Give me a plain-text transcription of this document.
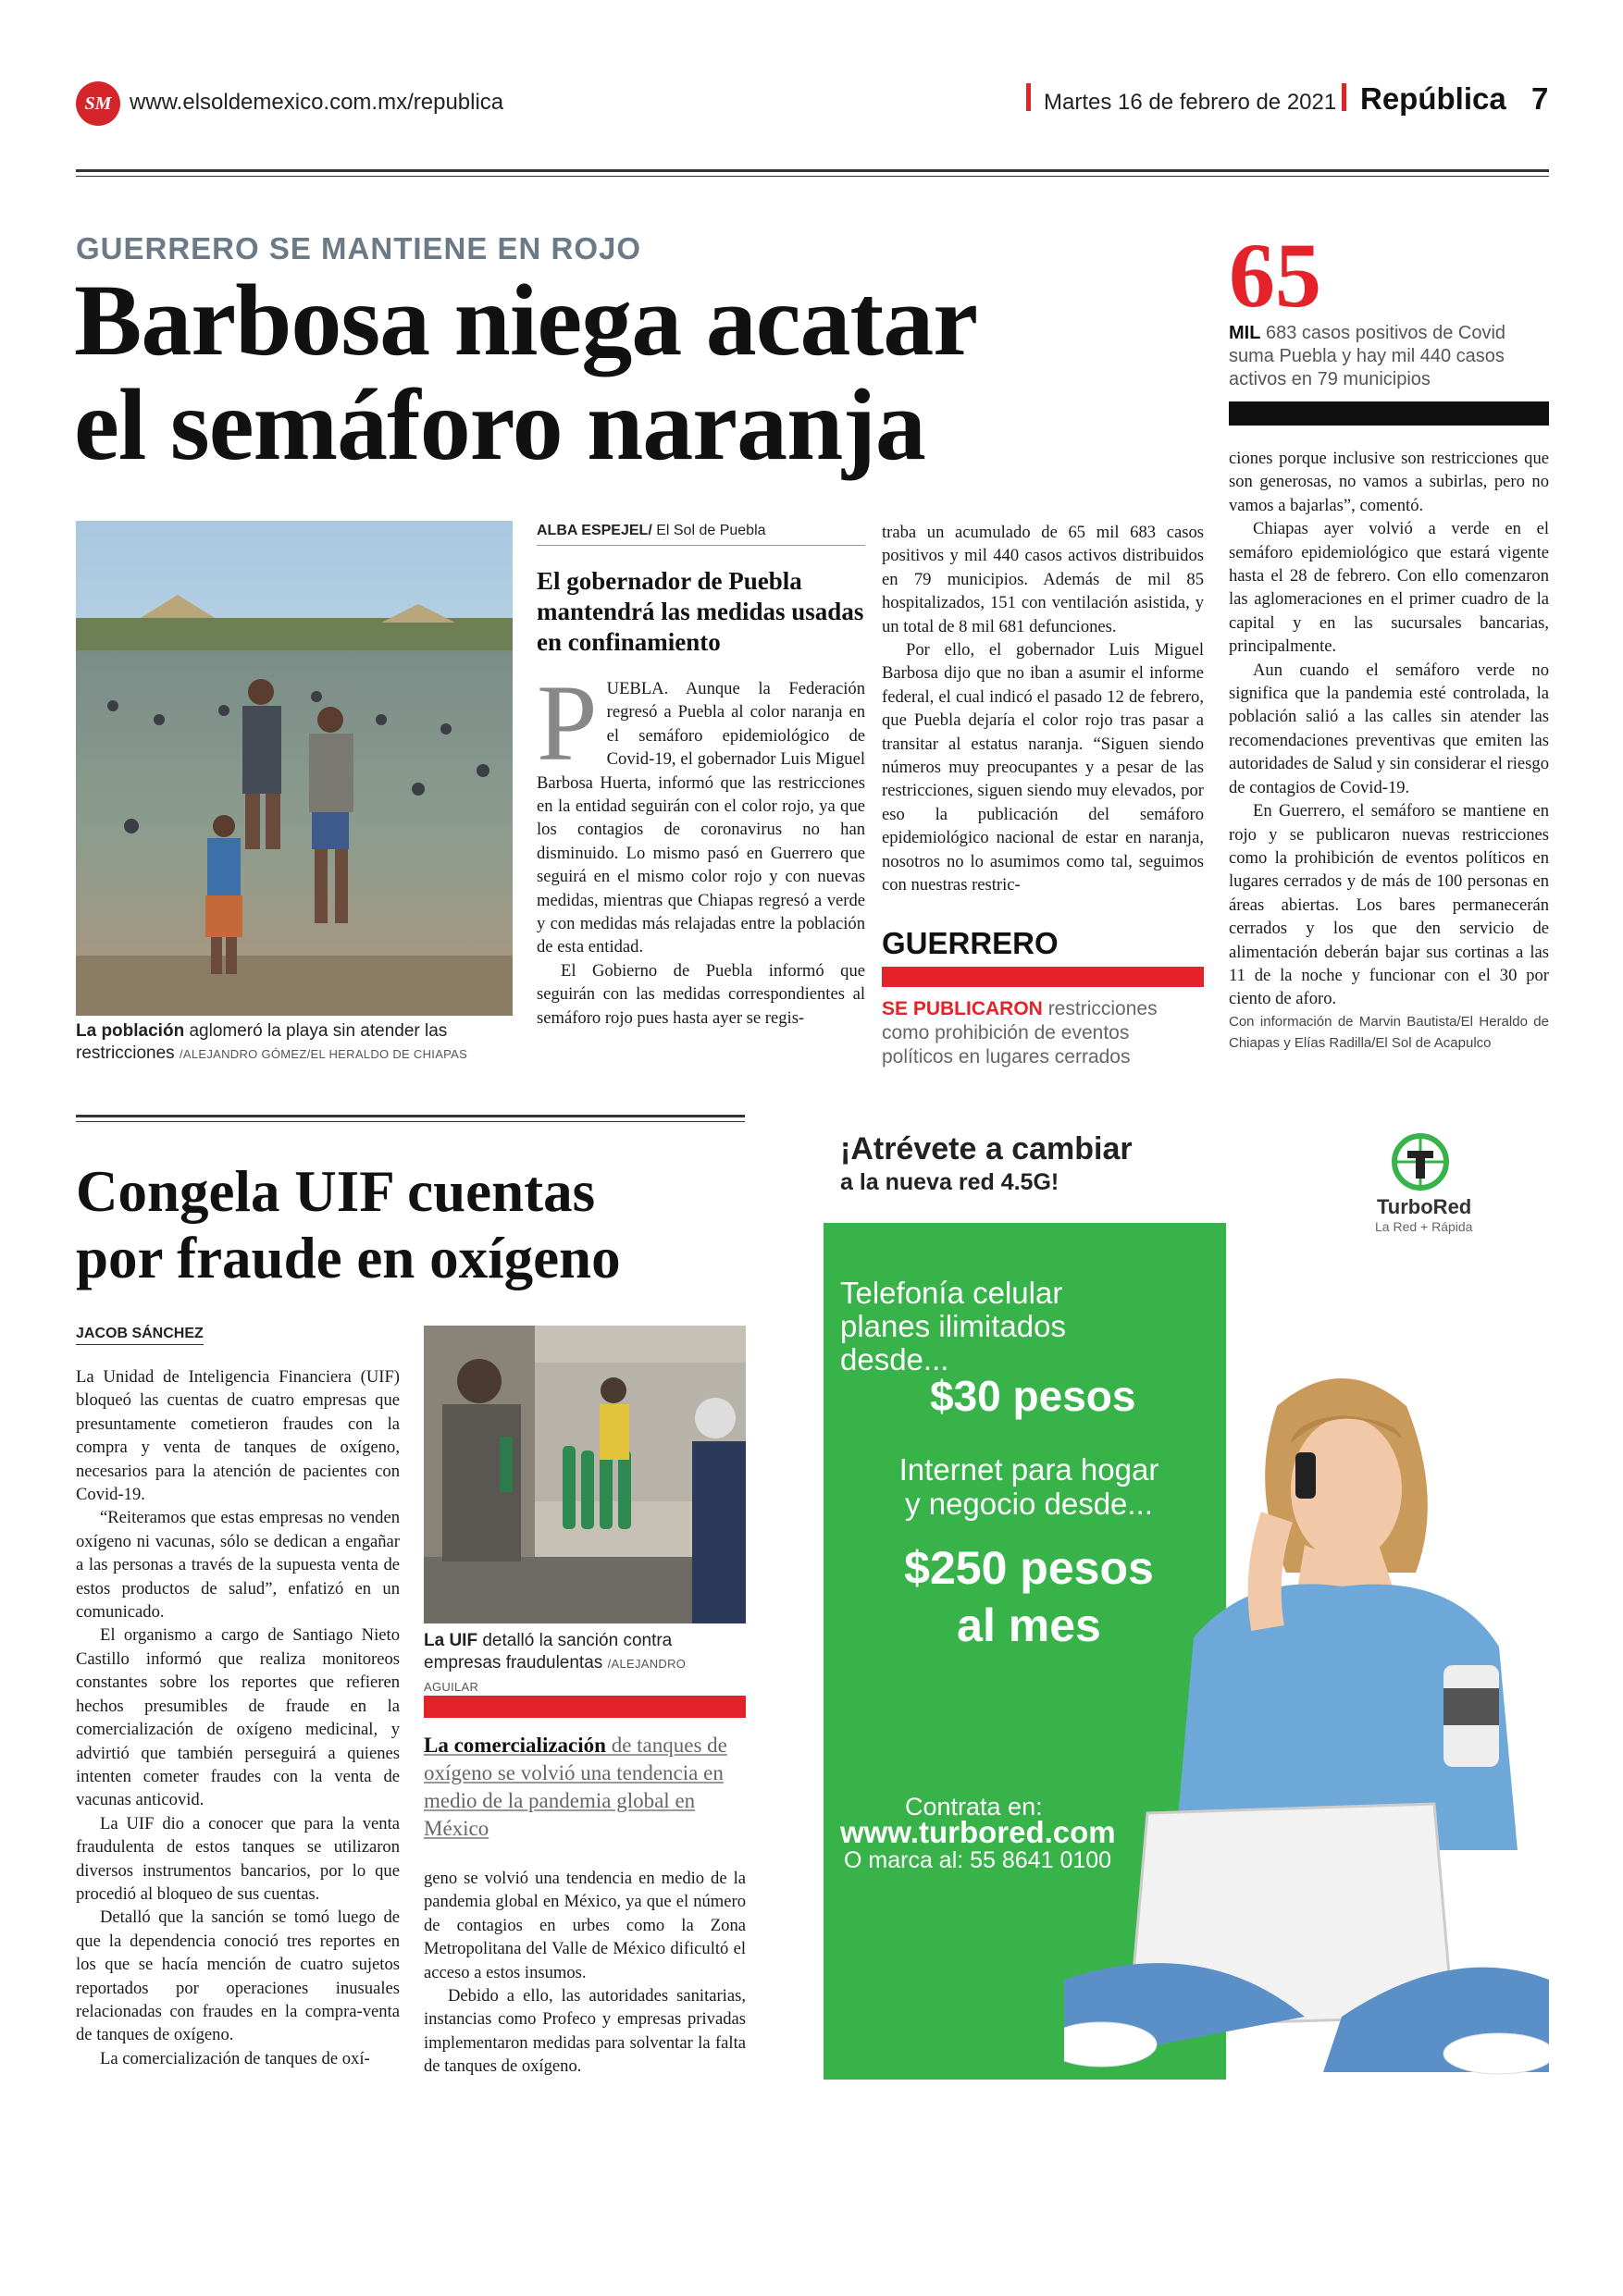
SM www.elsoldemexico.com.mx/republica	Martes 16 de febrero de 2021 República 7
GUERRERO SE MANTIENE EN ROJO
Barbosa niega acatar
el semáforo naranja
65
MIL 683 casos positivos de Covid suma Puebla y hay mil 440 casos activos en 79 municipios
La población aglomeró la playa sin atender las restricciones /ALEJANDRO GÓMEZ/EL HERALDO DE CHIAPAS
ALBA ESPEJEL/ El Sol de Puebla
El gobernador de Puebla mantendrá las medidas usadas en confinamiento
P UEBLA. Aunque la Federación regresó a Puebla al color naranja en el semáforo epidemiológico de Covid-19, el gobernador Luis Miguel Barbosa Huerta, informó que las restricciones en la entidad seguirán con el color rojo, ya que los contagios de coronavirus no han disminuido. Lo mismo pasó en Guerrero que seguirá en el mismo color rojo y con nuevas medidas, mientras que Chiapas regresó a verde y con medidas más relajadas entre la población de esta entidad.

El Gobierno de Puebla informó que seguirán con las medidas correspondientes al semáforo rojo pues hasta ayer se regis-

traba un acumulado de 65 mil 683 casos positivos y mil 440 casos activos distribuidos en 79 municipios. Además de mil 85 hospitalizados, 151 con ventilación asistida, y un total de 8 mil 681 defunciones.

Por ello, el gobernador Luis Miguel Barbosa dijo que no iban a asumir el informe federal, el cual indicó el pasado 12 de febrero, que Puebla dejaría el color rojo tras pasar a transitar al estatus naranja. “Siguen siendo números muy preocupantes y a pesar de las restricciones, siguen siendo muy elevados, por eso la publicación del semáforo epidemiológico nacional de estar en naranja, nosotros no lo asumimos como tal, seguimos con nuestras restric-

GUERRERO
SE PUBLICARON restricciones como prohibición de eventos políticos en lugares cerrados

ciones porque inclusive son restricciones que son generosas, no vamos a subirlas, pero no vamos a bajarlas”, comentó.

Chiapas ayer volvió a verde en el semáforo epidemiológico que estará vigente hasta el 28 de febrero. Con ello comenzaron las aglomeraciones en el primer cuadro de la capital y en las sucursales bancarias, principalmente.

Aun cuando el semáforo verde no significa que la pandemia esté controlada, la población salió a las calles sin atender las recomendaciones preventivas que emiten las autoridades de Salud y sin considerar el riesgo de contagios de Covid-19.

En Guerrero, el semáforo se mantiene en rojo y se publicaron nuevas restricciones como la prohibición de eventos políticos en lugares cerrados y de más de 100 personas en áreas abiertas. Los bares permanecerán cerrados y los que den servicio de alimentación deberán bajar sus cortinas a las 11 de la noche y funcionar con el 30 por ciento de aforo.

Con información de Marvin Bautista/El Heraldo de Chiapas y Elías Radilla/El Sol de Acapulco
Congela UIF cuentas
por fraude en oxígeno
JACOB SÁNCHEZ

La Unidad de Inteligencia Financiera (UIF) bloqueó las cuentas de cuatro empresas que presuntamente cometieron fraudes con la compra y venta de tanques de oxígeno, necesarios para la atención de pacientes con Covid-19.

“Reiteramos que estas empresas no venden oxígeno ni vacunas, sólo se dedican a engañar a las personas a través de la supuesta venta de estos productos de salud”, enfatizó en un comunicado.

El organismo a cargo de Santiago Nieto Castillo informó que realiza monitoreos constantes sobre los reportes que refieren hechos presumibles de fraude en la comercialización de oxígeno medicinal, y advirtió que también perseguirá a quienes intenten cometer fraudes con la venta de vacunas anticovid.

La UIF dio a conocer que para la venta fraudulenta de estos tanques se utilizaron diversos instrumentos bancarios, por lo que procedió al bloqueo de sus cuentas.

Detalló que la sanción se tomó luego de que la dependencia conoció tres reportes en los que se hacía mención de cuatro sujetos reportados por operaciones inusuales relacionadas con fraudes en la compra-venta de tanques de oxígeno.

La comercialización de tanques de oxí-

La UIF detalló la sanción contra empresas fraudulentas /ALEJANDRO AGUILAR
La comercialización de tanques de oxígeno se volvió una tendencia en medio de la pandemia global en México

geno se volvió una tendencia en medio de la pandemia global en México, ya que el número de contagios en urbes como la Zona Metropolitana del Valle de México dificultó el acceso a estos insumos.

Debido a ello, las autoridades sanitarias, instancias como Profeco y empresas privadas implementaron medidas para solventar la falta de tanques de oxígeno.

¡Atrévete a cambiar
a la nueva red 4.5G!
TurboRed
La Red + Rápida
Telefonía celular
planes ilimitados
desde...
$30 pesos
Internet para hogar
y negocio desde...
$250 pesos
al mes
Contrata en:
www.turbored.com
O marca al: 55 8641 0100
